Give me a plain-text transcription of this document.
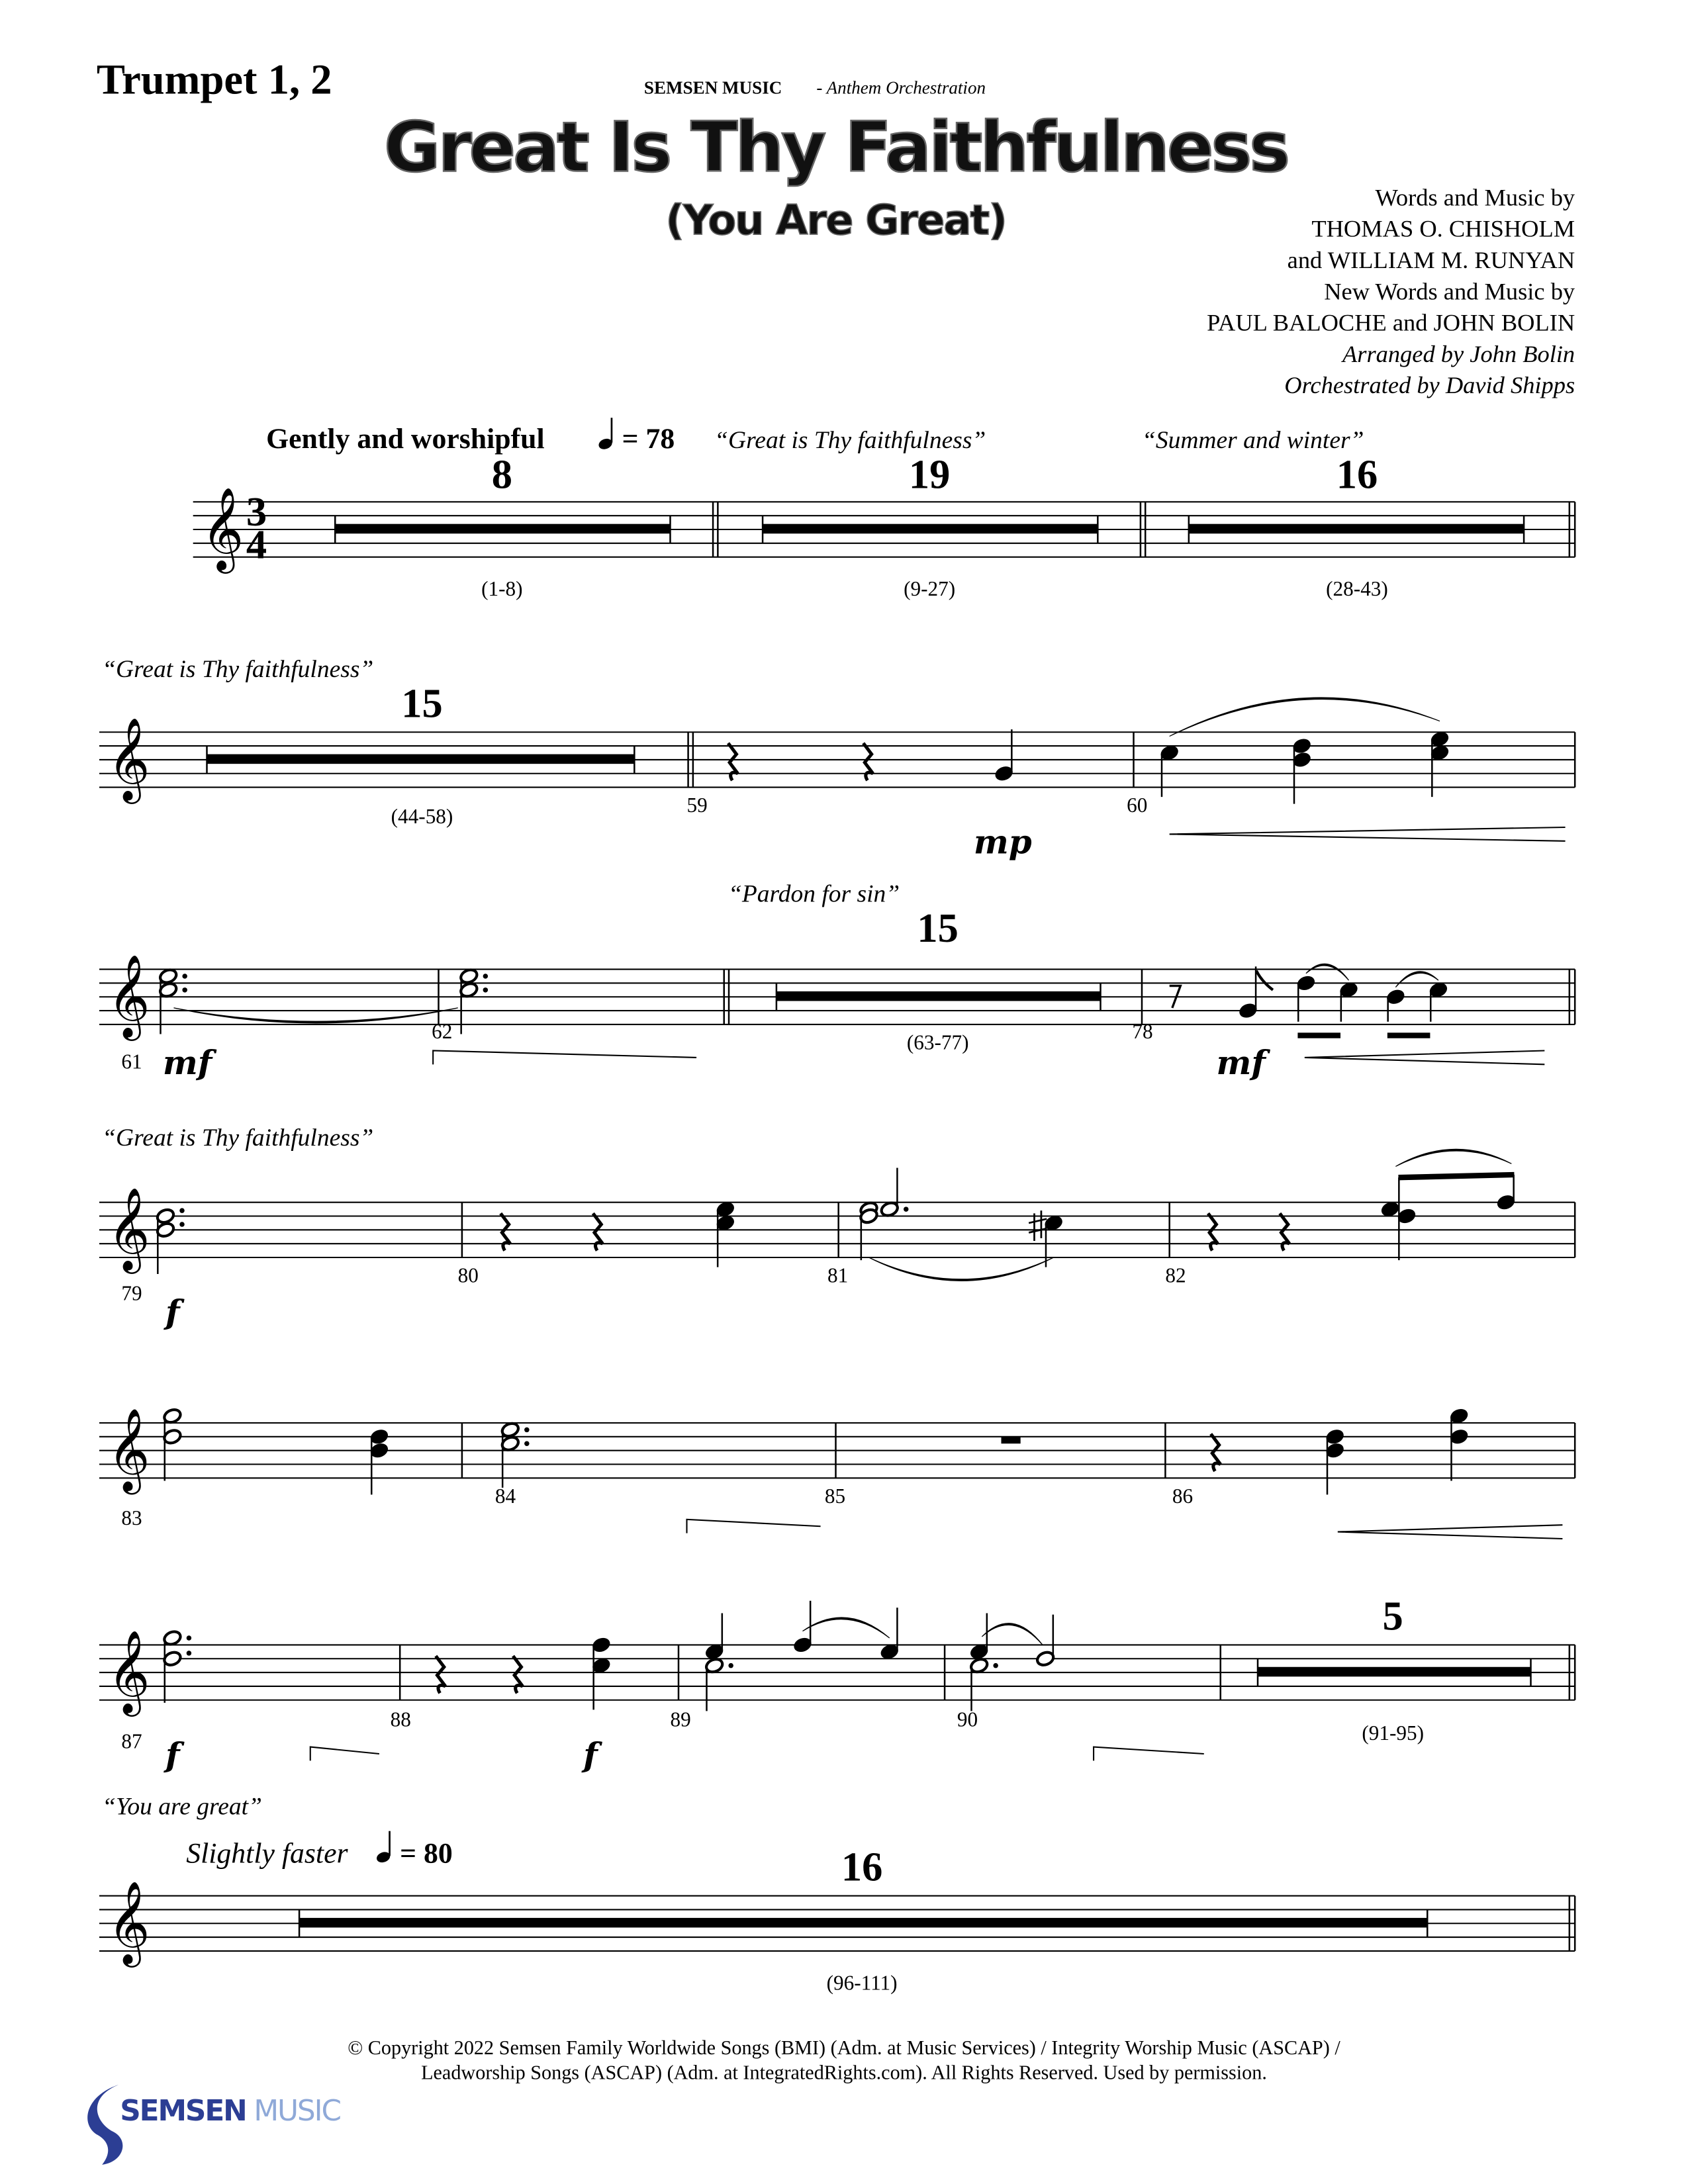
Trumpet 1, 2	SEMSEN MUSIC	- Anthem Orchestration
Great Is Thy Faithfulness
(You Are Great)	Words and Music by
THOMAS O. CHISHOLM
and WILLIAM M. RUNYAN
New Words and Music by
PAUL BALOCHE and JOHN BOLIN
Arranged by John Bolin
Orchestrated by David Shipps
Gently and worshipful	= 78	“Great is Thy faithfulness”	“Summer and winter”
“Great is Thy faithfulness”
“Pardon for sin”
“Great is Thy faithfulness”
“You are great”
Slightly faster	= 80
3
4
8
(1-8)
19
(9-27)
16
(28-43)
15
(44-58)
15
(63-77)
5
(91-95)
16
(96-111)
59	60
61
62	78
79
80	81	82
83
84	85	86
87
88	89	90
mp
mf	mf
f
f	f
𝄞
𝄞
𝄞
𝄞
𝄞
𝄞
𝄞
© Copyright 2022 Semsen Family Worldwide Songs (BMI) (Adm. at Music Services) / Integrity Worship Music (ASCAP) /
Leadworship Songs (ASCAP) (Adm. at IntegratedRights.com). All Rights Reserved. Used by permission.
SEMSEN MUSIC
